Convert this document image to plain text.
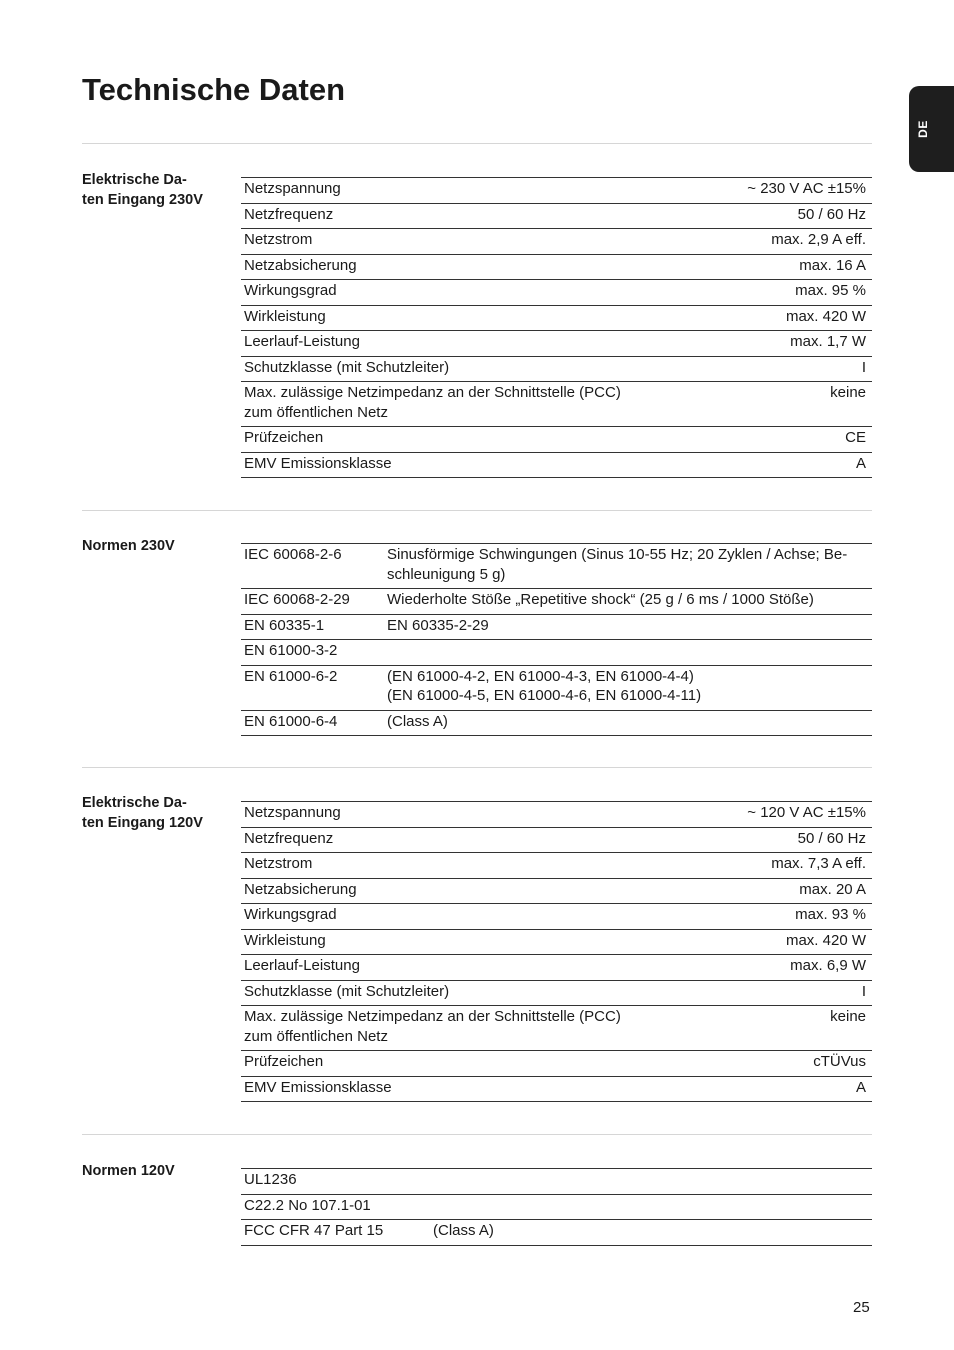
Technische Daten
DE
Elektrische Da-
ten Eingang 230V
Netzspannung	~ 230 V AC ±15%
Netzfrequenz	50 / 60 Hz
Netzstrom	max. 2,9 A eff.
Netzabsicherung	max. 16 A
Wirkungsgrad	max. 95 %
Wirkleistung	max. 420 W
Leerlauf-Leistung	max. 1,7 W
Schutzklasse (mit Schutzleiter)	I
Max. zulässige Netzimpedanz an der Schnittstelle (PCC)
zum öffentlichen Netz	keine
Prüfzeichen	CE
EMV Emissionsklasse	A
Normen 230V	IEC 60068-2-6	Sinusförmige Schwingungen (Sinus 10-55 Hz; 20 Zyklen / Achse; Be-
schleunigung 5 g)
IEC 60068-2-29	Wiederholte Stöße „Repetitive shock“ (25 g / 6 ms / 1000 Stöße)
EN 60335-1	EN 60335-2-29
EN 61000-3-2	
EN 61000-6-2	(EN 61000-4-2, EN 61000-4-3, EN 61000-4-4)
(EN 61000-4-5, EN 61000-4-6, EN 61000-4-11)
EN 61000-6-4	(Class A)
Elektrische Da-
ten Eingang 120V
Netzspannung	~ 120 V AC ±15%
Netzfrequenz	50 / 60 Hz
Netzstrom	max. 7,3 A eff.
Netzabsicherung	max. 20 A
Wirkungsgrad	max. 93 %
Wirkleistung	max. 420 W
Leerlauf-Leistung	max. 6,9 W
Schutzklasse (mit Schutzleiter)	I
Max. zulässige Netzimpedanz an der Schnittstelle (PCC)
zum öffentlichen Netz	keine
Prüfzeichen	cTÜVus
EMV Emissionsklasse	A
Normen 120V	UL1236	
C22.2 No 107.1-01	
FCC CFR 47 Part 15	(Class A)
25
